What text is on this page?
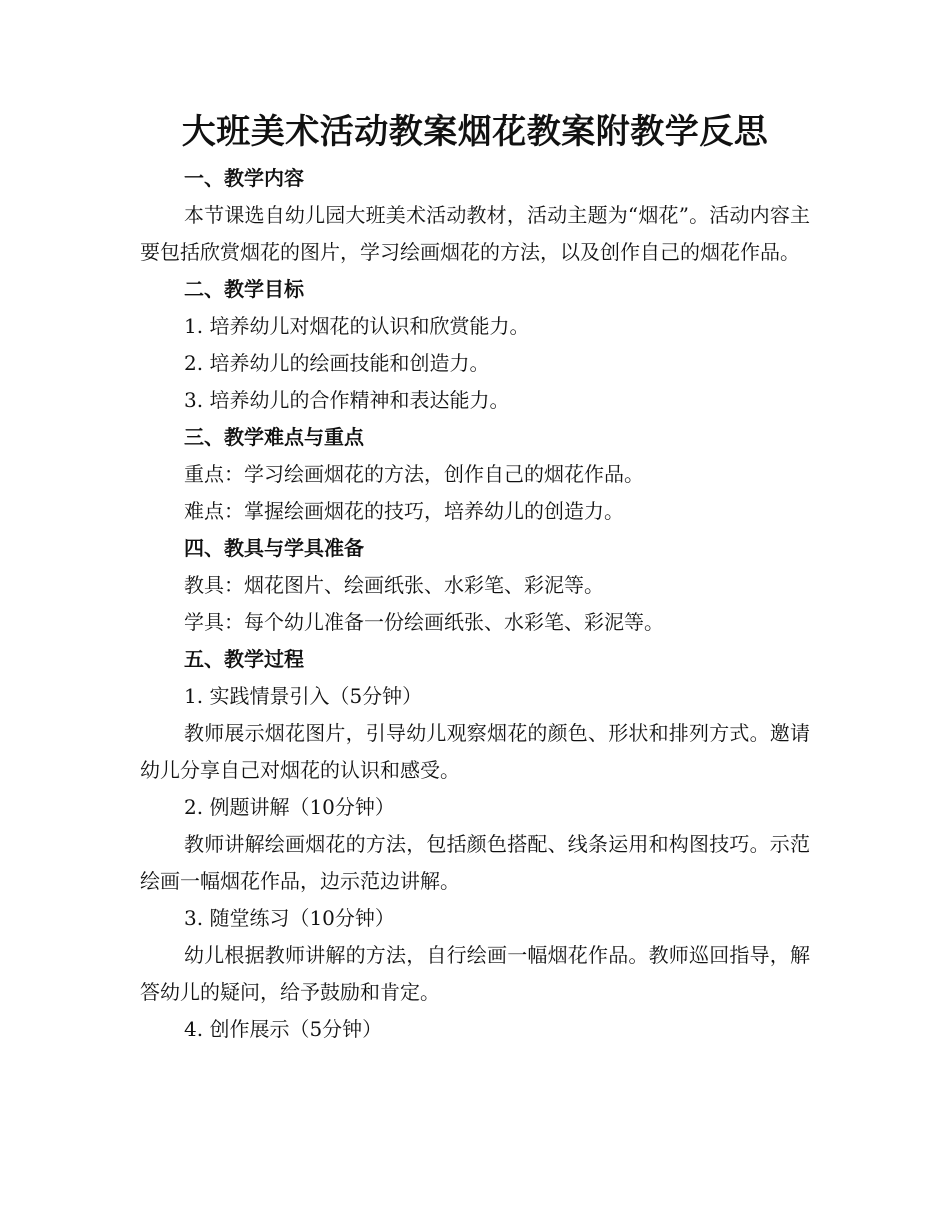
大班美术活动教案烟花教案附教学反思

一、教学内容

本节课选自幼儿园大班美术活动教材，活动主题为“烟花”。活动内容主要包括欣赏烟花的图片，学习绘画烟花的方法，以及创作自己的烟花作品。

二、教学目标

1. 培养幼儿对烟花的认识和欣赏能力。

2. 培养幼儿的绘画技能和创造力。

3. 培养幼儿的合作精神和表达能力。

三、教学难点与重点

重点：学习绘画烟花的方法，创作自己的烟花作品。

难点：掌握绘画烟花的技巧，培养幼儿的创造力。

四、教具与学具准备

教具：烟花图片、绘画纸张、水彩笔、彩泥等。

学具：每个幼儿准备一份绘画纸张、水彩笔、彩泥等。

五、教学过程

1. 实践情景引入（5分钟）

教师展示烟花图片，引导幼儿观察烟花的颜色、形状和排列方式。邀请幼儿分享自己对烟花的认识和感受。

2. 例题讲解（10分钟）

教师讲解绘画烟花的方法，包括颜色搭配、线条运用和构图技巧。示范绘画一幅烟花作品，边示范边讲解。

3. 随堂练习（10分钟）

幼儿根据教师讲解的方法，自行绘画一幅烟花作品。教师巡回指导，解答幼儿的疑问，给予鼓励和肯定。

4. 创作展示（5分钟）
